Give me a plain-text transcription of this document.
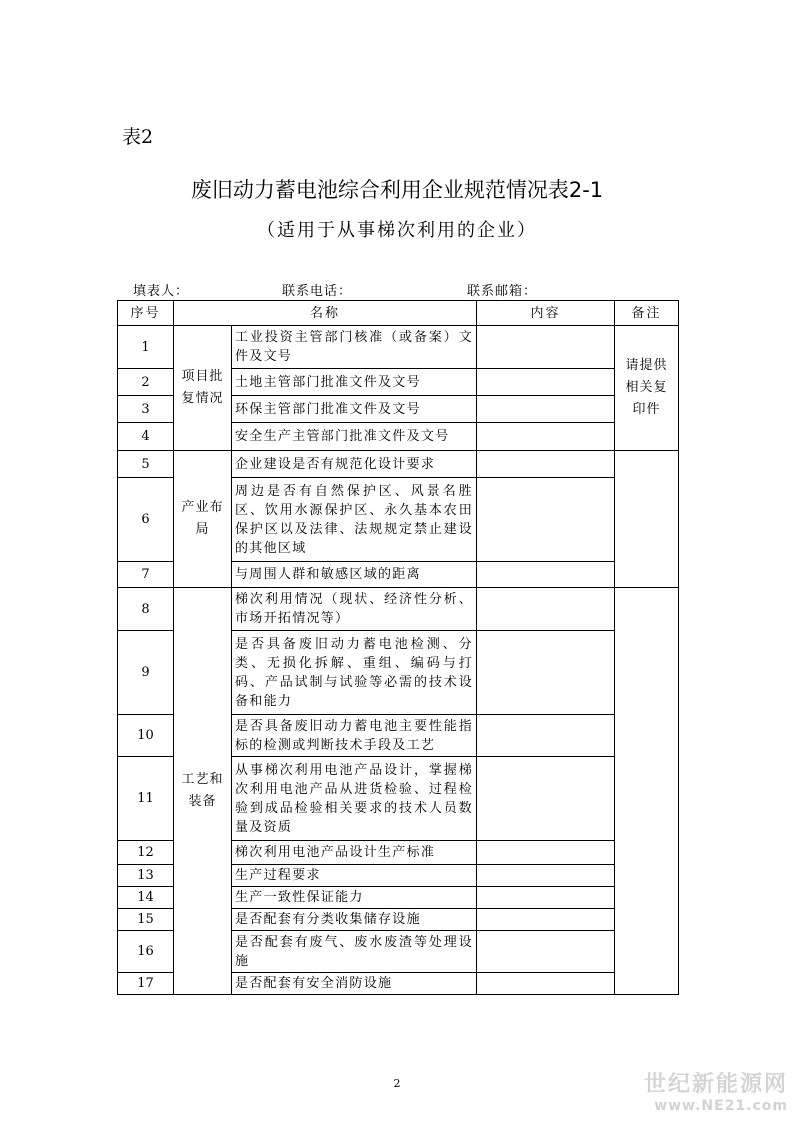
表2
废旧动力蓄电池综合利用企业规范情况表2-1
（适用于从事梯次利用的企业）
填表人：	联系电话：	联系邮箱：
序号	名称		内容	备注
1	项目批复情况	工业投资主管部门核准（或备案）文件及文号		请提供相关复印件
2		土地主管部门批准文件及文号		
3		环保主管部门批准文件及文号		
4		安全生产主管部门批准文件及文号		
5	产业布局	企业建设是否有规范化设计要求		
6		周边是否有自然保护区、风景名胜区、饮用水源保护区、永久基本农田保护区以及法律、法规规定禁止建设的其他区域		
7		与周围人群和敏感区域的距离		
8	工艺和装备	梯次利用情况（现状、经济性分析、市场开拓情况等）		
9		是否具备废旧动力蓄电池检测、分类、无损化拆解、重组、编码与打码、产品试制与试验等必需的技术设备和能力		
10		是否具备废旧动力蓄电池主要性能指标的检测或判断技术手段及工艺		
11		从事梯次利用电池产品设计，掌握梯次利用电池产品从进货检验、过程检验到成品检验相关要求的技术人员数量及资质		
12		梯次利用电池产品设计生产标准		
13		生产过程要求		
14		生产一致性保证能力		
15		是否配套有分类收集储存设施		
16		是否配套有废气、废水废渣等处理设施		
17		是否配套有安全消防设施		
2	世纪新能源网
www.NE21.com
